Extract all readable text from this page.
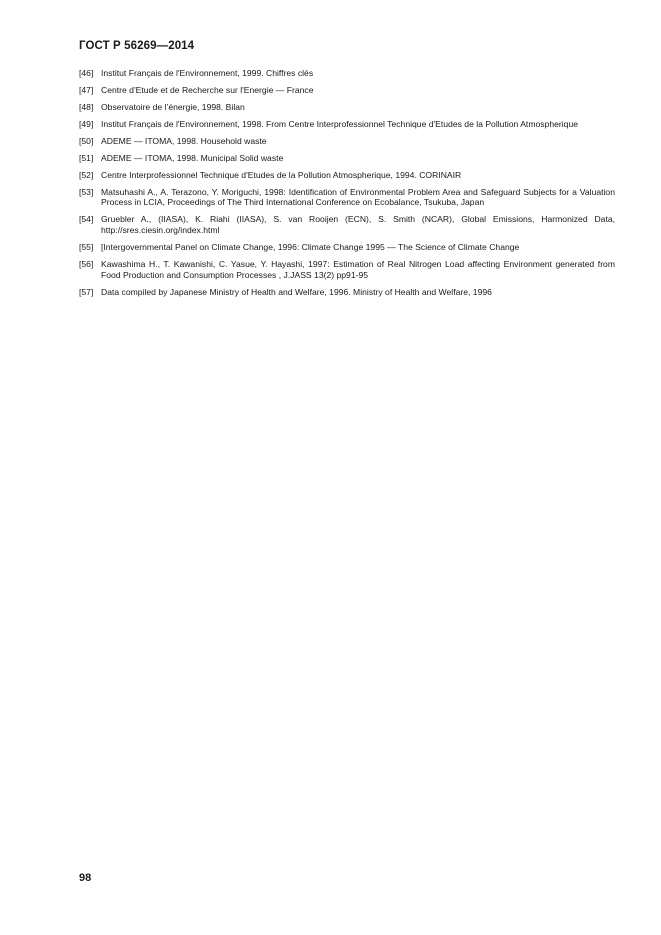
ГОСТ Р 56269—2014
[46] Institut Français de l'Environnement, 1999. Chiffres clés
[47] Centre d'Etude et de Recherche sur l'Energie — France
[48] Observatoire de l’énergie, 1998. Bilan
[49] Institut Français de l'Environnement, 1998. From Centre Interprofessionnel Technique d'Etudes de la Pollution Atmospherique
[50] ADEME — ITOMA, 1998. Household waste
[51] ADEME — ITOMA, 1998. Municipal Solid waste
[52] Centre Interprofessionnel Technique d'Etudes de la Pollution Atmospherique, 1994. CORINAIR
[53] Matsuhashi A., A. Terazono, Y. Moriguchi, 1998: Identification of Environmental Problem Area and Safeguard Subjects for a Valuation Process in LCIA, Proceedings of The Third International Conference on Ecobalance, Tsukuba, Japan
[54] Gruebler A., (IIASA), K. Riahi (IIASA), S. van Rooijen (ECN), S. Smith (NCAR), Global Emissions, Harmonized Data, http://sres.ciesin.org/index.html
[55] [Intergovernmental Panel on Climate Change, 1996: Climate Change 1995 — The Science of Climate Change
[56] Kawashima H., T. Kawanishi, C. Yasue, Y. Hayashi, 1997: Estimation of Real Nitrogen Load affecting Environment generated from Food Production and Consumption Processes , J.JASS 13(2) pp91-95
[57] Data compiled by Japanese Ministry of Health and Welfare, 1996. Ministry of Health and Welfare, 1996
98
